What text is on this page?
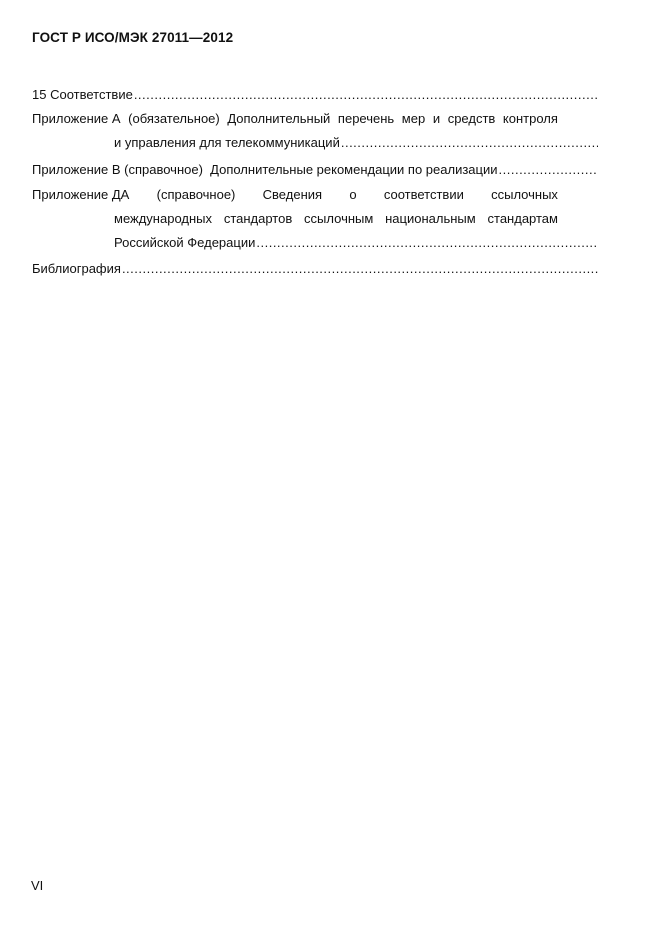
ГОСТ Р ИСО/МЭК 27011—2012
15 Соответствие
.....
Приложение А (обязательное) Дополнительный перечень мер и средств контроля
и управления для телекоммуникаций
.....
Приложение В (справочное)  Дополнительные рекомендации по реализации
.....
Приложение ДА (справочное) Сведения о соответствии ссылочных
международных стандартов ссылочным национальным стандартам
Российской Федерации
.....
Библиография
.....
VI
